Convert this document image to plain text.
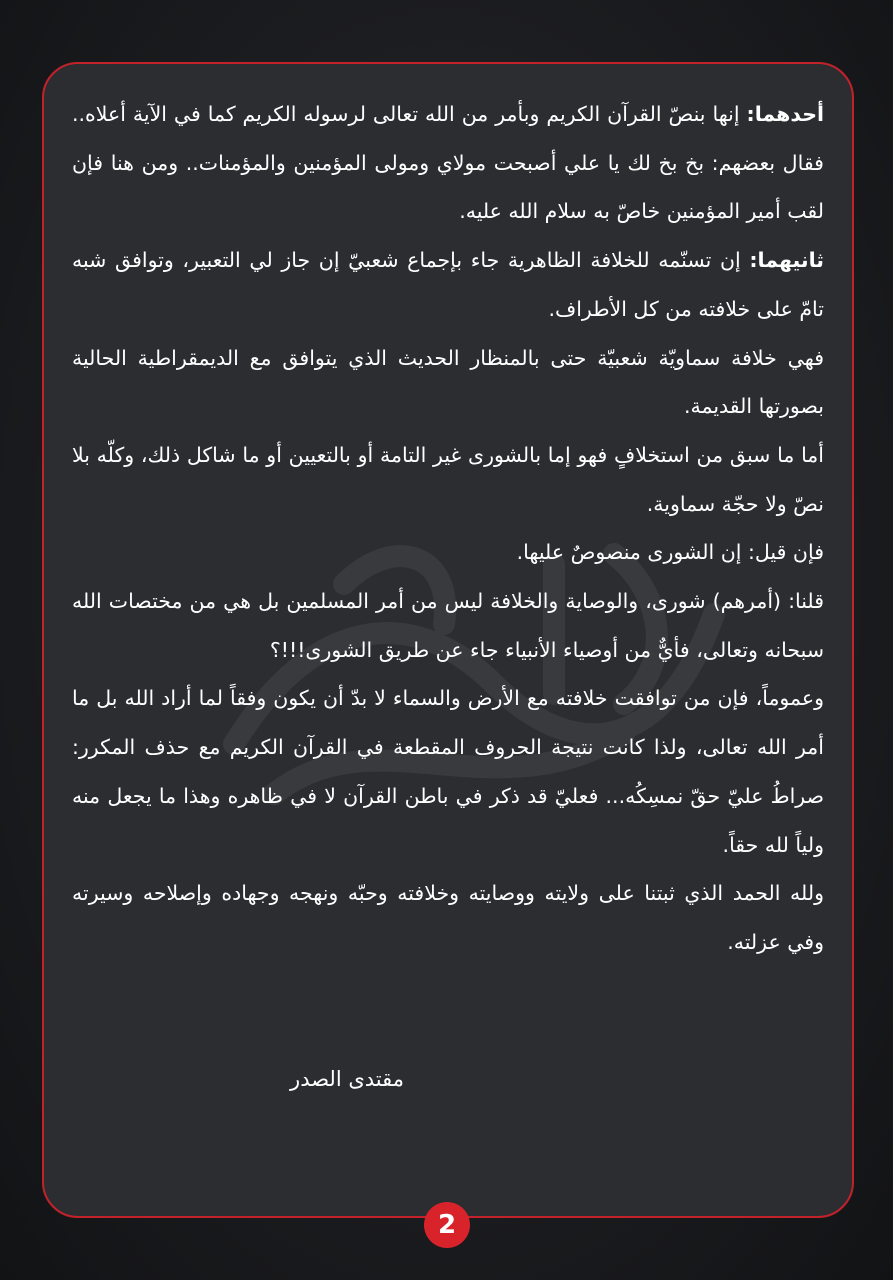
أحدهما: إنها بنصّ القرآن الكريم وبأمر من الله تعالى لرسوله الكريم كما في الآية أعلاه.. فقال بعضهم: بخ بخ لك يا علي أصبحت مولاي ومولى المؤمنين والمؤمنات.. ومن هنا فإن لقب أمير المؤمنين خاصّ به سلام الله عليه.

ثانيهما: إن تسنّمه للخلافة الظاهرية جاء بإجماع شعبيّ إن جاز لي التعبير، وتوافق شبه تامّ على خلافته من كل الأطراف.

فهي خلافة سماويّة شعبيّة حتى بالمنظار الحديث الذي يتوافق مع الديمقراطية الحالية بصورتها القديمة.

أما ما سبق من استخلافٍ فهو إما بالشورى غير التامة أو بالتعيين أو ما شاكل ذلك، وكلّه بلا نصّ ولا حجّة سماوية.

فإن قيل: إن الشورى منصوصٌ عليها.

قلنا: (أمرهم) شورى، والوصاية والخلافة ليس من أمر المسلمين بل هي من مختصات الله سبحانه وتعالى، فأيٌّ من أوصياء الأنبياء جاء عن طريق الشورى!!!؟

وعموماً، فإن من توافقت خلافته مع الأرض والسماء لا بدّ أن يكون وفقاً لما أراد الله بل ما أمر الله تعالى، ولذا كانت نتيجة الحروف المقطعة في القرآن الكريم مع حذف المكرر: صراطُ عليّ حقّ نمسِكُه... فعليّ قد ذكر في باطن القرآن لا في ظاهره وهذا ما يجعل منه ولياً لله حقاً.

ولله الحمد الذي ثبتنا على ولايته ووصايته وخلافته وحبّه ونهجه وجهاده وإصلاحه وسيرته وفي عزلته.

مقتدى الصدر
2
